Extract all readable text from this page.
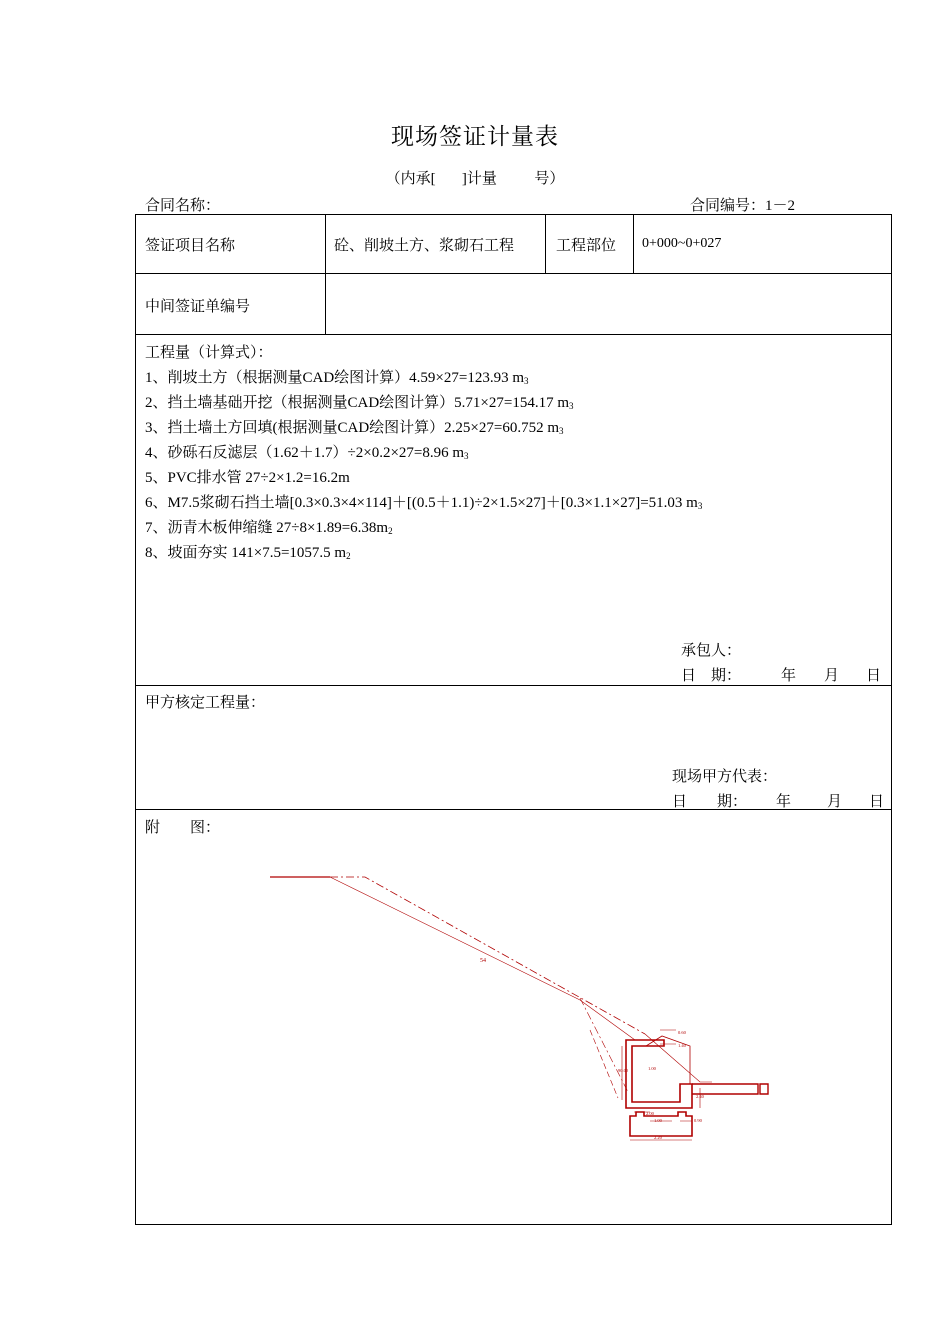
现场签证计量表
（内承[ ]计量	号）
合同名称：	合同编号：1－2
签证项目名称	砼、削坡土方、浆砌石工程	工程部位 0+000~0+027
中间签证单编号
工程量（计算式）：
1、削坡土方（根据测量CAD绘图计算）4.59×27=123.93 $m_3$
2、挡土墙基础开挖（根据测量CAD绘图计算）5.71×27=154.17 $m_3$
3、挡土墙土方回填(根据测量CAD绘图计算）2.25×27=60.752 $m_3$
4、砂砾石反滤层（1.62＋1.7）÷2×0.2×27=8.96 $m_3$
5、PVC排水管 27÷2×1.2=16.2m
6、M7.5浆砌石挡土墙[0.3×0.3×4×114]＋[(0.5＋1.1)÷2×1.5×27]＋[0.3×1.1×27]=51.03 $m_3$
7、沥青木板伸缩缝 $27\div 8\times 1.89=6.38m_2$
8、坡面夯实 141×7.5=1057.5 $m_2$
承包人：
日　期：	年 月 日
甲方核定工程量：
现场甲方代表：
日　　期： 年 月 日
附　　图：
54
0.60
1.40
90.00	1.00
2.40
2.00
1.00	0.90
2.20
